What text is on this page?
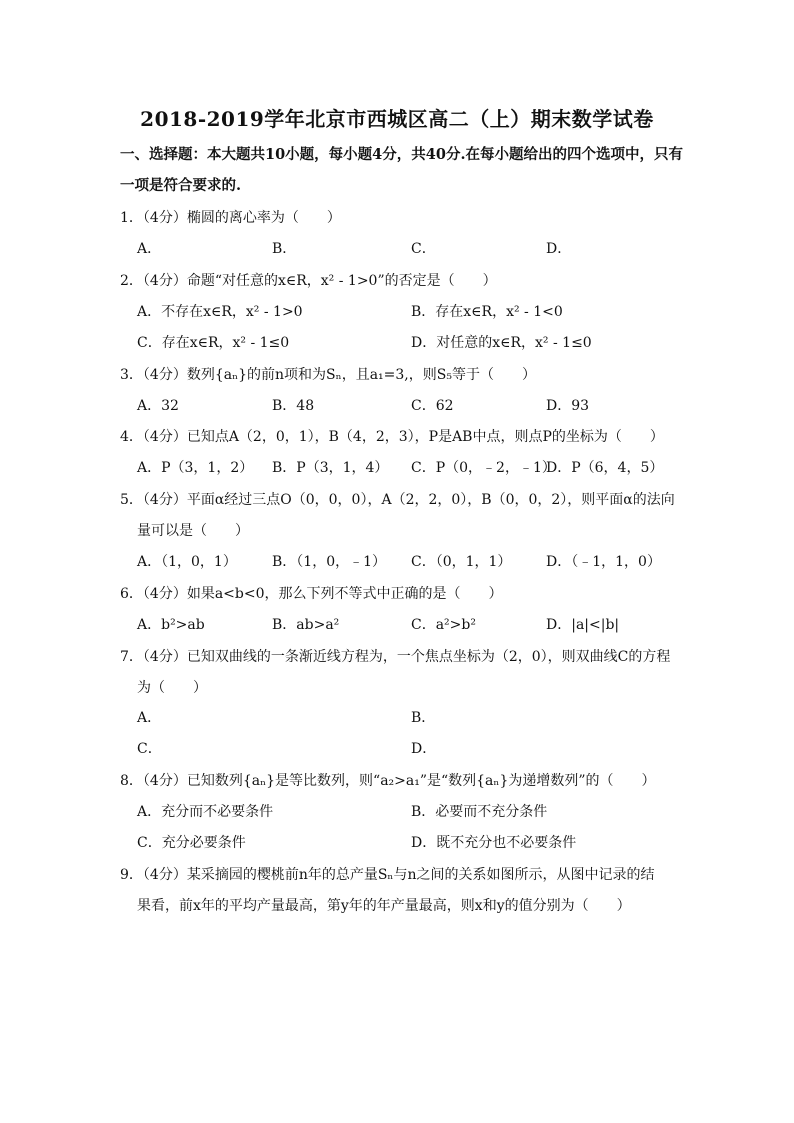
2018-2019学年北京市西城区高二（上）期末数学试卷
一、选择题：本大题共10小题，每小题4分，共40分.在每小题给出的四个选项中，只有
一项是符合要求的.
1．（4分）椭圆的离心率为（　　）
A．	B．	C．	D．
2．（4分）命题“对任意的x∈R，x² - 1>0”的否定是（　　）
A．不存在x∈R，x² - 1>0	B．存在x∈R，x² - 1<0
C．存在x∈R，x² - 1≤0	D．对任意的x∈R，x² - 1≤0
3．（4分）数列{aₙ}的前n项和为Sₙ，且a₁=3,，则S₅等于（　　）
A．32	B．48	C．62	D．93
4．（4分）已知点A（2，0，1），B（4，2，3），P是AB中点，则点P的坐标为（　　）
A．P（3，1，2） B．P（3，1，4） C．P（0，﹣2，﹣1）
D．P（6，4，5）
5．（4分）平面α经过三点O（0，0，0），A（2，2，0），B（0，0，2），则平面α的法向
量可以是（　　）
A．（1，0，1）	B．（1，0，﹣1） C．（0，1，1） D．（﹣1，1，0）
6．（4分）如果a<b<0，那么下列不等式中正确的是（　　）
A．b²>ab	B．ab>a²	C．a²>b²	D．|a|<|b|
7．（4分）已知双曲线的一条渐近线方程为，一个焦点坐标为（2，0），则双曲线C的方程
为（　　）
A．	B．
C．	D．
8．（4分）已知数列{aₙ}是等比数列，则“a₂>a₁”是“数列{aₙ}为递增数列”的（　　）
A．充分而不必要条件	B．必要而不充分条件
C．充分必要条件	D．既不充分也不必要条件
9．（4分）某采摘园的樱桃前n年的总产量Sₙ与n之间的关系如图所示，从图中记录的结
果看，前x年的平均产量最高，第y年的年产量最高，则x和y的值分别为（　　）
